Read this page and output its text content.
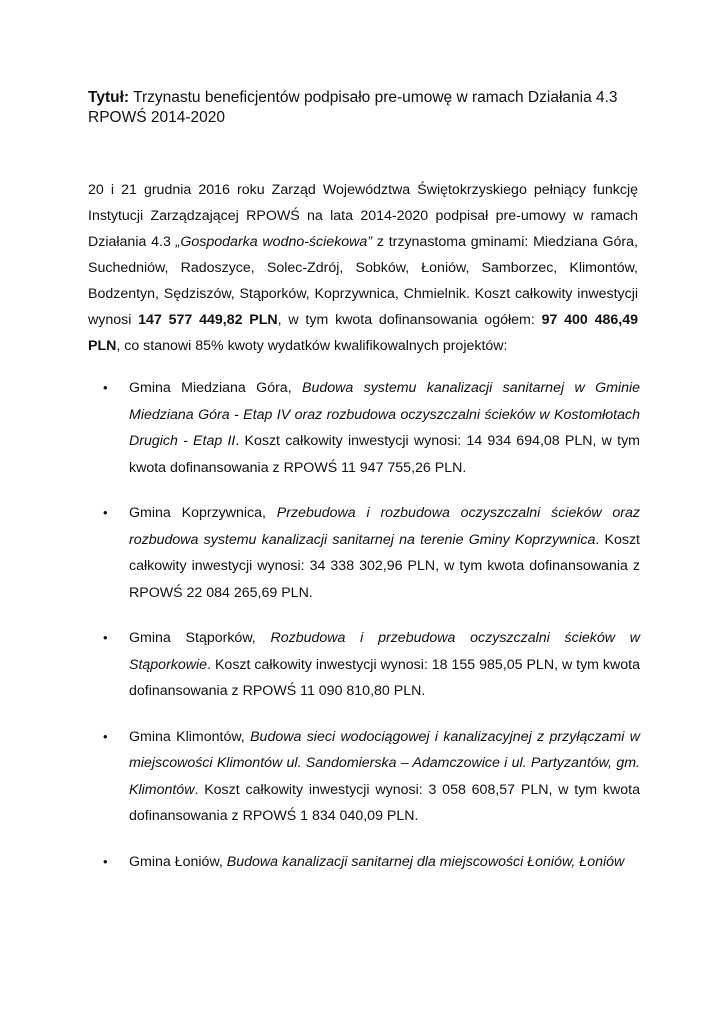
Tytuł: Trzynastu beneficjentów podpisało pre-umowę w ramach Działania 4.3 RPOWŚ 2014-2020
20 i 21 grudnia 2016 roku Zarząd Województwa Świętokrzyskiego pełniący funkcję Instytucji Zarządzającej RPOWŚ na lata 2014-2020 podpisał pre-umowy w ramach Działania 4.3 „Gospodarka wodno-ściekowa” z trzynastoma gminami: Miedziana Góra, Suchedniów, Radoszyce, Solec-Zdrój, Sobków, Łoniów, Samborzec, Klimontów, Bodzentyn, Sędziszów, Stąporków, Koprzywnica, Chmielnik. Koszt całkowity inwestycji wynosi 147 577 449,82 PLN, w tym kwota dofinansowania ogółem: 97 400 486,49 PLN, co stanowi 85% kwoty wydatków kwalifikowalnych projektów:
• Gmina Miedziana Góra, Budowa systemu kanalizacji sanitarnej w Gminie Miedziana Góra - Etap IV oraz rozbudowa oczyszczalni ścieków w Kostomłotach Drugich - Etap II. Koszt całkowity inwestycji wynosi: 14 934 694,08 PLN, w tym kwota dofinansowania z RPOWŚ 11 947 755,26 PLN.
• Gmina Koprzywnica, Przebudowa i rozbudowa oczyszczalni ścieków oraz rozbudowa systemu kanalizacji sanitarnej na terenie Gminy Koprzywnica. Koszt całkowity inwestycji wynosi: 34 338 302,96 PLN, w tym kwota dofinansowania z RPOWŚ 22 084 265,69 PLN.
• Gmina Stąporków, Rozbudowa i przebudowa oczyszczalni ścieków w Stąporkowie. Koszt całkowity inwestycji wynosi: 18 155 985,05 PLN, w tym kwota dofinansowania z RPOWŚ 11 090 810,80 PLN.
• Gmina Klimontów, Budowa sieci wodociągowej i kanalizacyjnej z przyłączami w miejscowości Klimontów ul. Sandomierska – Adamczowice i ul. Partyzantów, gm. Klimontów. Koszt całkowity inwestycji wynosi: 3 058 608,57 PLN, w tym kwota dofinansowania z RPOWŚ 1 834 040,09 PLN.
• Gmina Łoniów, Budowa kanalizacji sanitarnej dla miejscowości Łoniów, Łoniów
